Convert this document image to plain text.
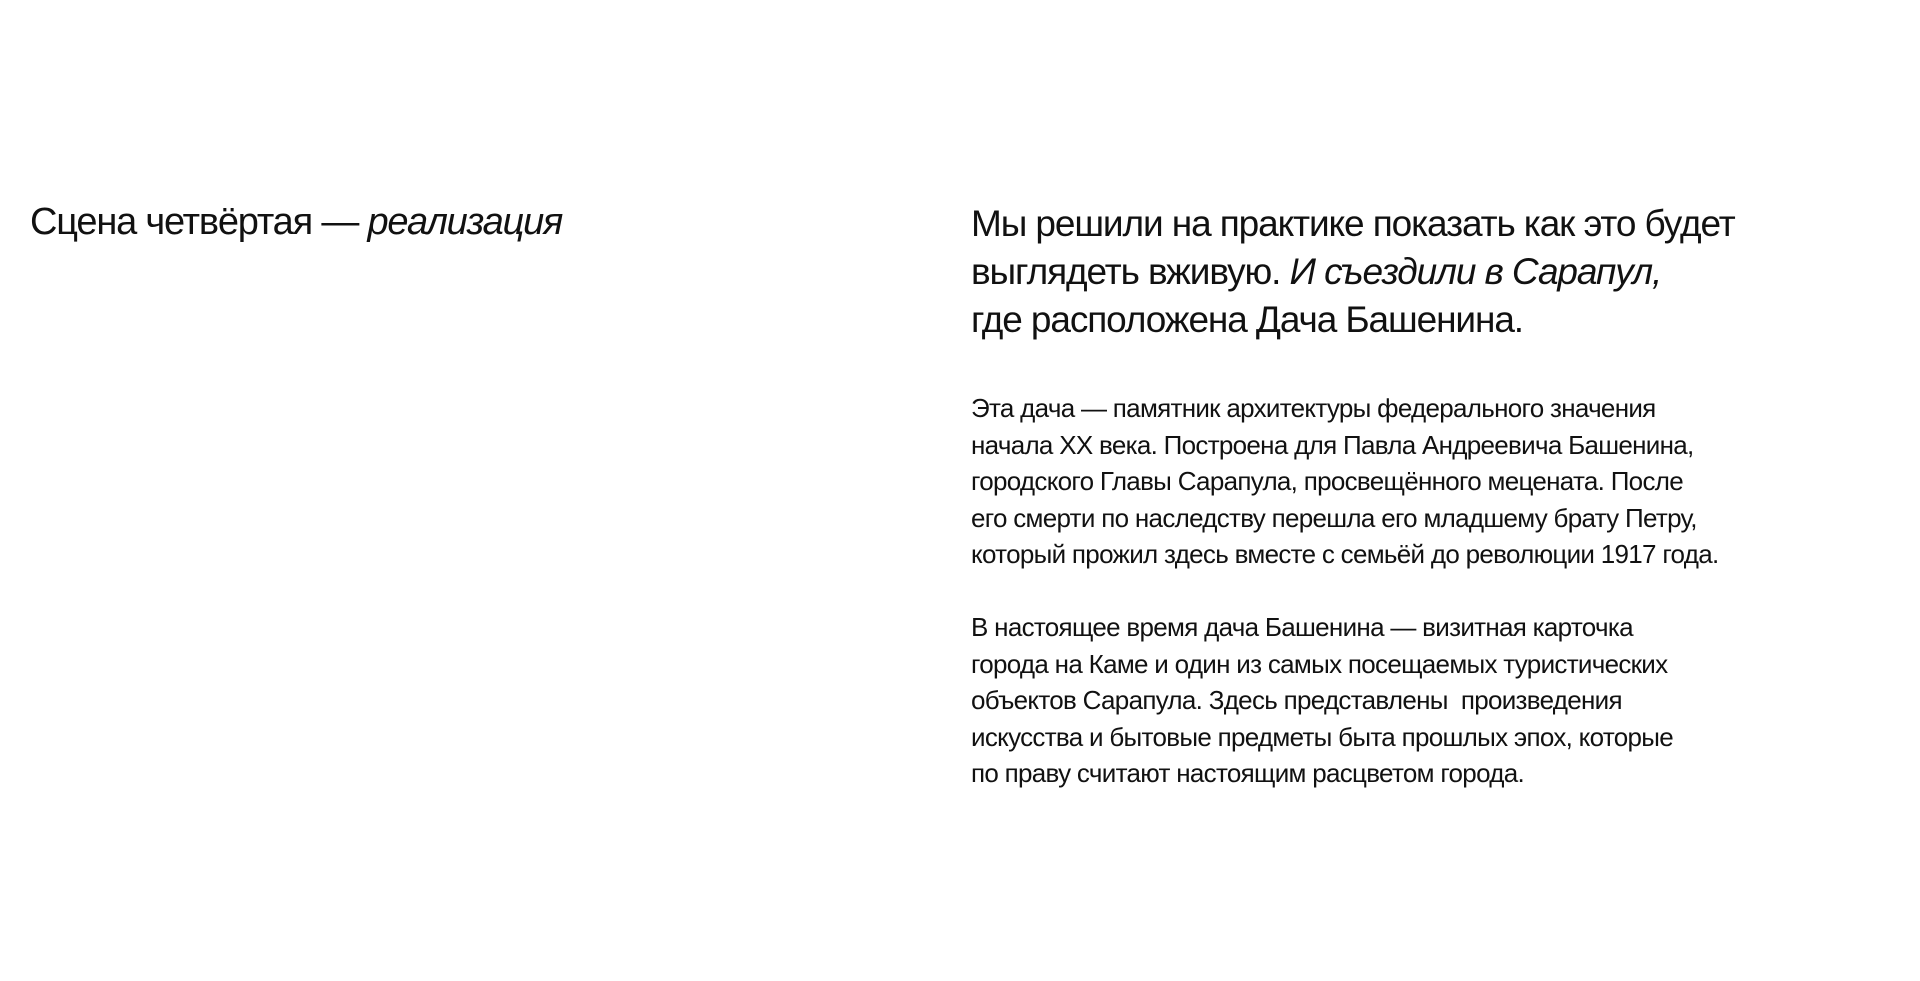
Сцена четвёртая — реализация	Мы решили на практике показать как это будет
выглядеть вживую. И съездили в Сарапул,
где расположена Дача Башенина.

Эта дача — памятник архитектуры федерального значения
начала XX века. Построена для Павла Андреевича Башенина,
городского Главы Сарапула, просвещённого мецената. После
его смерти по наследству перешла его младшему брату Петру,
который прожил здесь вместе с семьёй до революции 1917 года.

В настоящее время дача Башенина — визитная карточка
города на Каме и один из самых посещаемых туристических
объектов Сарапула. Здесь представлены  произведения
искусства и бытовые предметы быта прошлых эпох, которые
по праву считают настоящим расцветом города.
